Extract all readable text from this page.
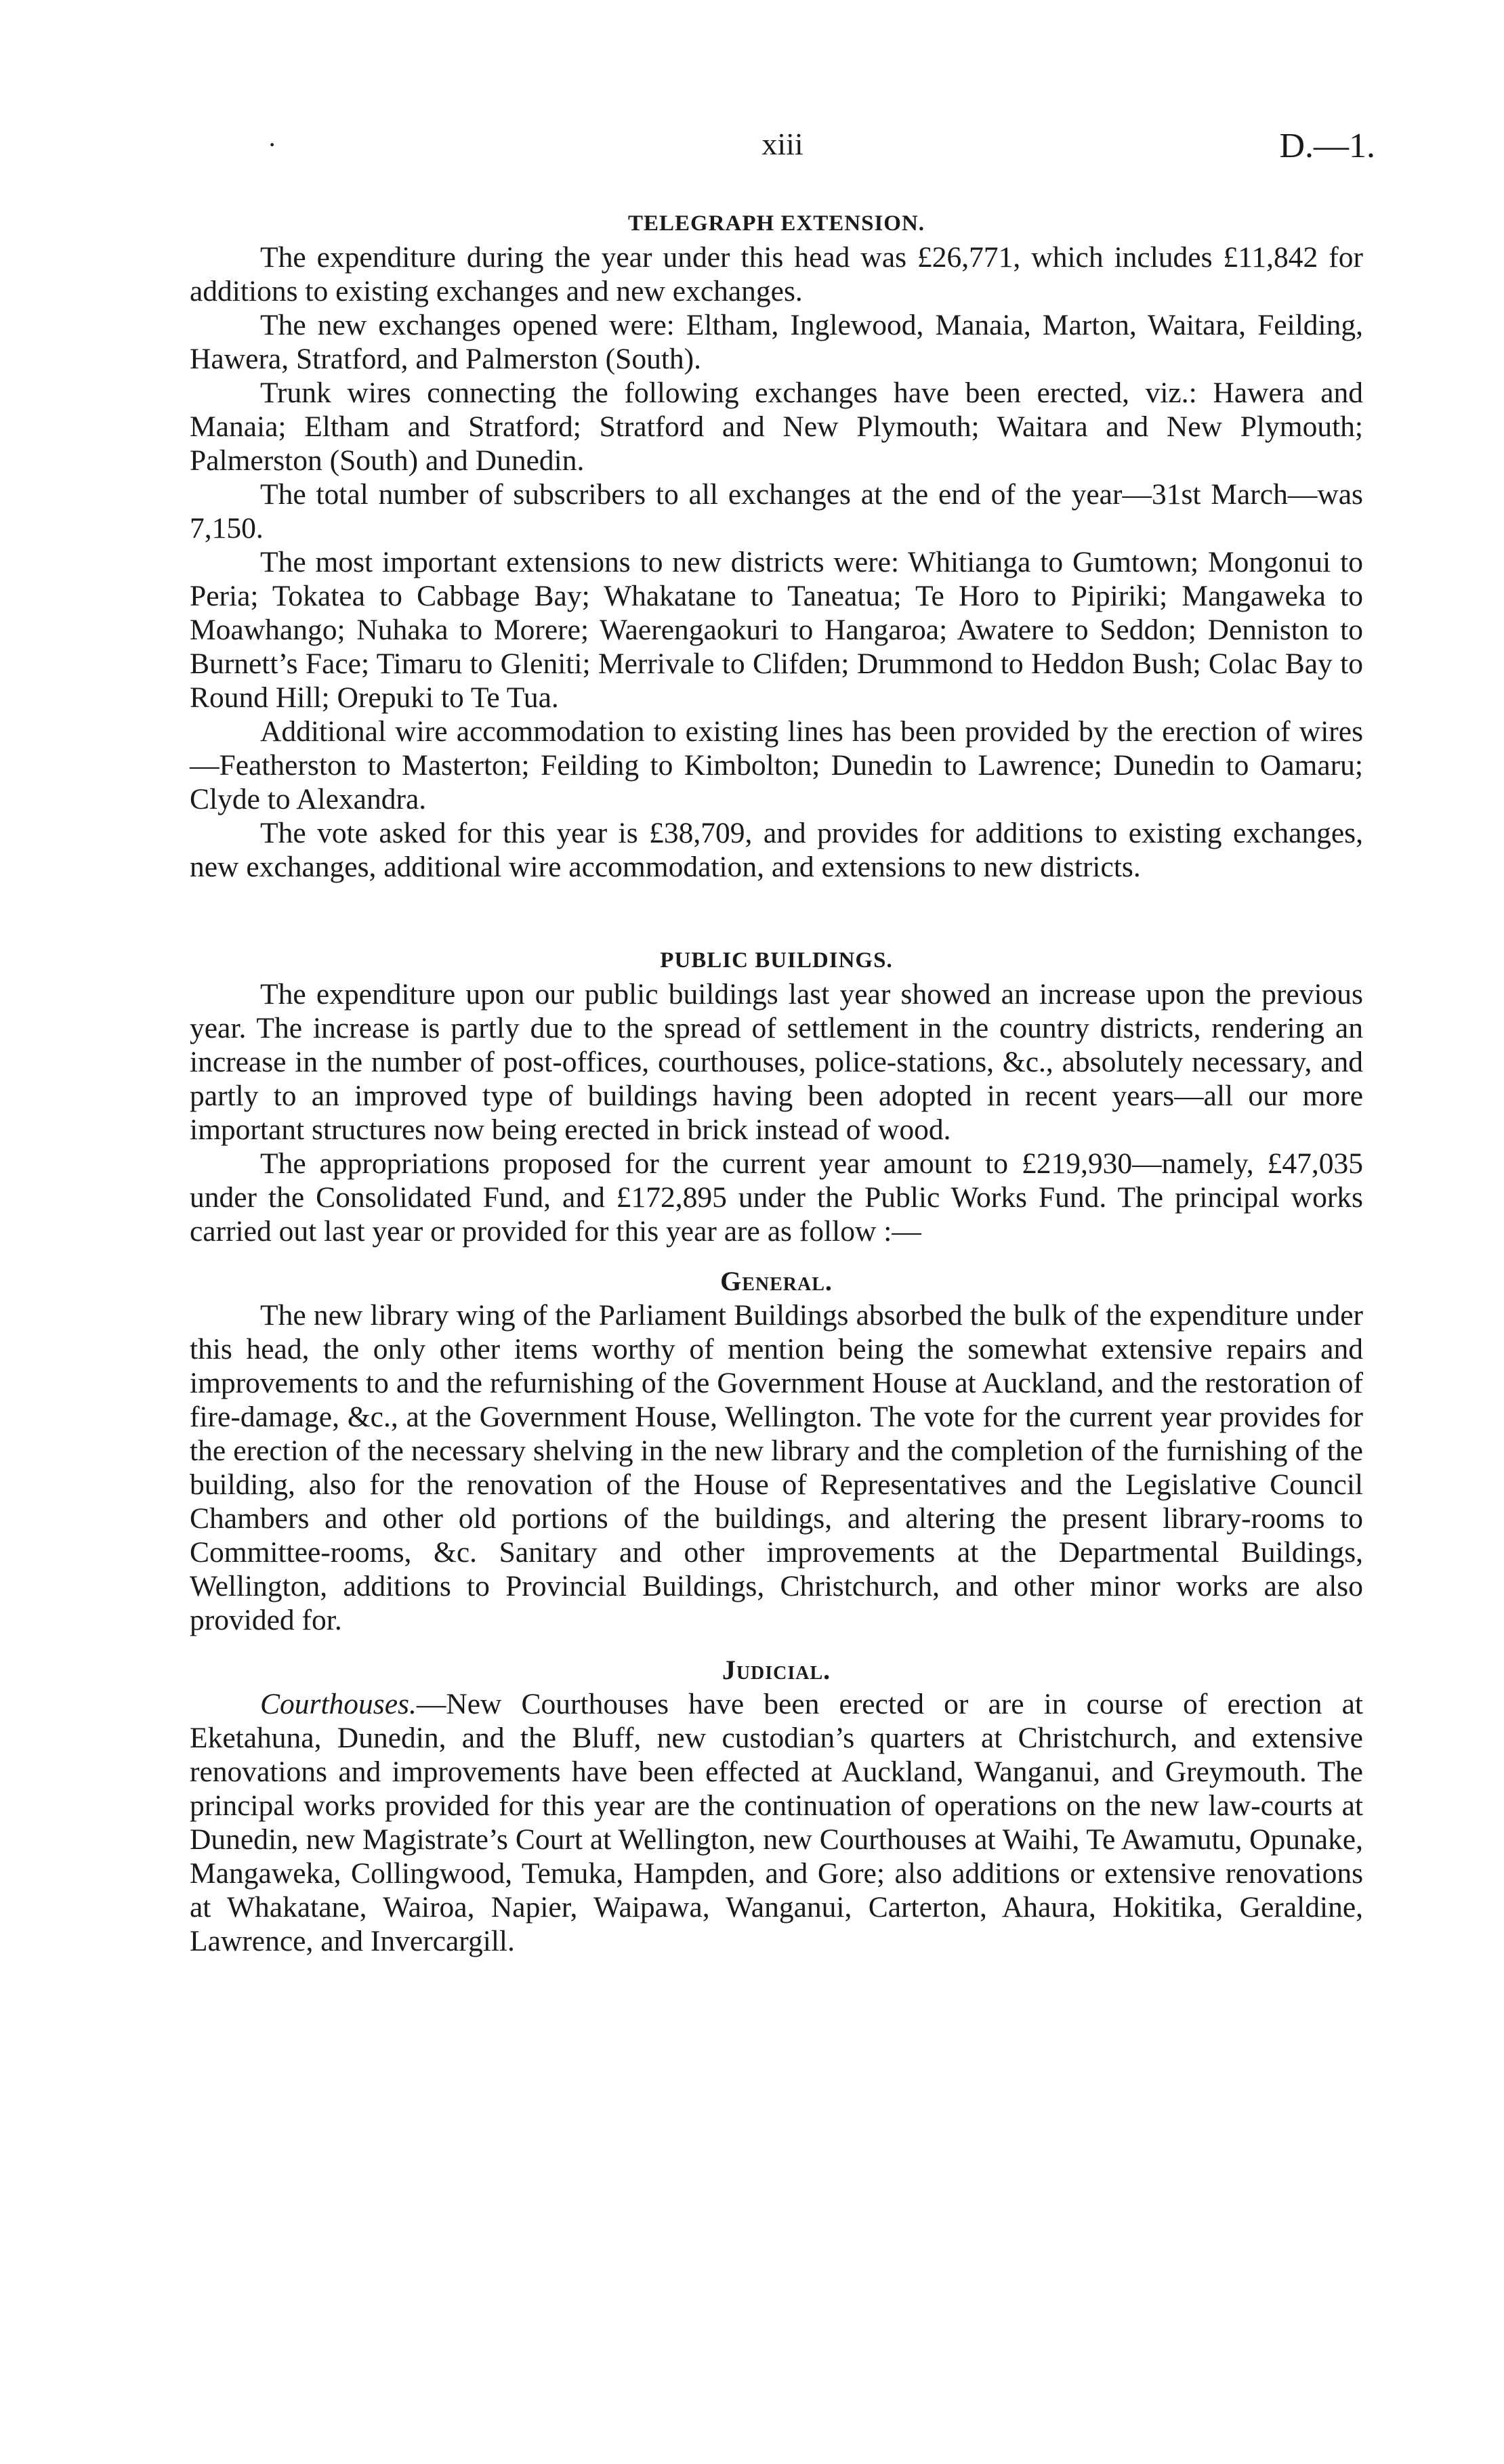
·	xiii	D.—1.
TELEGRAPH EXTENSION.

The expenditure during the year under this head was £26,771, which includes £11,842 for additions to existing exchanges and new exchanges.

The new exchanges opened were: Eltham, Inglewood, Manaia, Marton, Waitara, Feilding, Hawera, Stratford, and Palmerston (South).

Trunk wires connecting the following exchanges have been erected, viz.: Hawera and Manaia; Eltham and Stratford; Stratford and New Plymouth; Waitara and New Plymouth; Palmerston (South) and Dunedin.

The total number of subscribers to all exchanges at the end of the year—31st March—was 7,150.

The most important extensions to new districts were: Whitianga to Gumtown; Mongonui to Peria; Tokatea to Cabbage Bay; Whakatane to Taneatua; Te Horo to Pipiriki; Mangaweka to Moawhango; Nuhaka to Morere; Waerengaokuri to Hangaroa; Awatere to Seddon; Denniston to Burnett’s Face; Timaru to Gleniti; Merrivale to Clifden; Drummond to Heddon Bush; Colac Bay to Round Hill; Orepuki to Te Tua.

Additional wire accommodation to existing lines has been provided by the erection of wires—Featherston to Masterton; Feilding to Kimbolton; Dunedin to Lawrence; Dunedin to Oamaru; Clyde to Alexandra.

The vote asked for this year is £38,709, and provides for additions to existing exchanges, new exchanges, additional wire accommodation, and extensions to new districts.

PUBLIC BUILDINGS.

The expenditure upon our public buildings last year showed an increase upon the previous year. The increase is partly due to the spread of settlement in the country districts, rendering an increase in the number of post-offices, courthouses, police-stations, &c., absolutely necessary, and partly to an improved type of buildings having been adopted in recent years—all our more important structures now being erected in brick instead of wood.

The appropriations proposed for the current year amount to £219,930—namely, £47,035 under the Consolidated Fund, and £172,895 under the Public Works Fund. The principal works carried out last year or provided for this year are as follow :—

General.

The new library wing of the Parliament Buildings absorbed the bulk of the expenditure under this head, the only other items worthy of mention being the somewhat extensive repairs and improvements to and the refurnishing of the Government House at Auckland, and the restoration of fire-damage, &c., at the Government House, Wellington. The vote for the current year provides for the erection of the necessary shelving in the new library and the completion of the furnishing of the building, also for the renovation of the House of Representatives and the Legislative Council Chambers and other old portions of the buildings, and altering the present library-rooms to Committee-rooms, &c. Sanitary and other improvements at the Departmental Buildings, Wellington, additions to Provincial Buildings, Christchurch, and other minor works are also provided for.

Judicial.

Courthouses.—New Courthouses have been erected or are in course of erection at Eketahuna, Dunedin, and the Bluff, new custodian’s quarters at Christchurch, and extensive renovations and improvements have been effected at Auckland, Wanganui, and Greymouth. The principal works provided for this year are the continuation of operations on the new law-courts at Dunedin, new Magistrate’s Court at Wellington, new Courthouses at Waihi, Te Awamutu, Opunake, Mangaweka, Collingwood, Temuka, Hampden, and Gore; also additions or extensive renovations at Whakatane, Wairoa, Napier, Waipawa, Wanganui, Carterton, Ahaura, Hokitika, Geraldine, Lawrence, and Invercargill.
